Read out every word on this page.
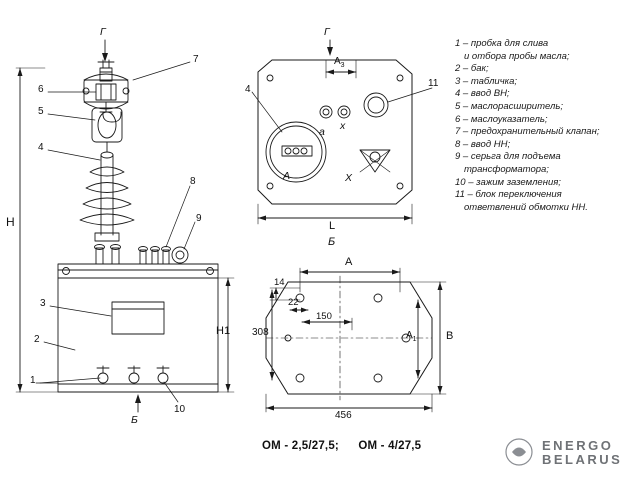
Г
7
6
5
4
8
9
3
2
1
10
Б
H
H1
Г
$A_3$
4
11
a x
A	X
L
Б
A
14
22
150
308	$A_1$	B
456
1 – пробка для слива
и отбора пробы масла;
2 – бак;
3 – табличка;
4 – ввод ВН;
5 – маслорасширитель;
6 – маслоуказатель;
7 – предохранительный клапан;
8 – ввод НН;
9 – серьга для подъема
трансформатора;
10 – зажим заземления;
11 – блок переключения
ответвлений обмотки НН.
ОМ - 2,5/27,5; ОМ - 4/27,5	ENERGO
BELARUS
